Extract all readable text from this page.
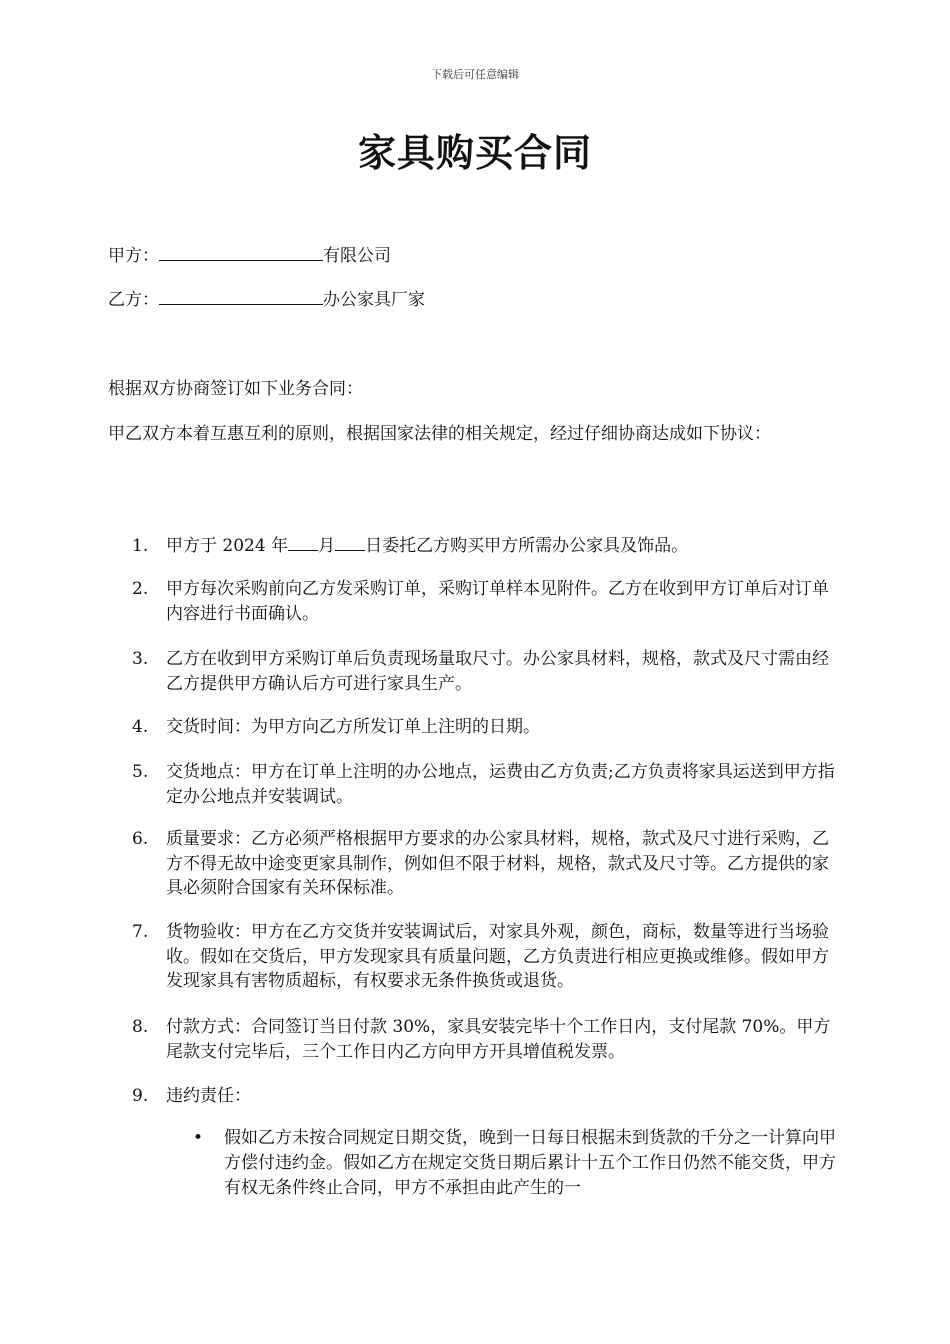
下载后可任意编辑
家具购买合同
甲方：	有限公司
乙方：	办公家具厂家
根据双方协商签订如下业务合同：
甲乙双方本着互惠互利的原则，根据国家法律的相关规定，经过仔细协商达成如下协议：
1.	甲方于 2024 年 月 日委托乙方购买甲方所需办公家具及饰品。
2.	甲方每次采购前向乙方发采购订单，采购订单样本见附件。乙方在收到甲方订单后对订单内容进行书面确认。
3.	乙方在收到甲方采购订单后负责现场量取尺寸。办公家具材料，规格，款式及尺寸需由经乙方提供甲方确认后方可进行家具生产。
4.	交货时间：为甲方向乙方所发订单上注明的日期。
5.	交货地点：甲方在订单上注明的办公地点，运费由乙方负责;乙方负责将家具运送到甲方指定办公地点并安装调试。
6.	质量要求：乙方必须严格根据甲方要求的办公家具材料，规格，款式及尺寸进行采购，乙方不得无故中途变更家具制作，例如但不限于材料，规格，款式及尺寸等。乙方提供的家具必须附合国家有关环保标准。
7.	货物验收：甲方在乙方交货并安装调试后，对家具外观，颜色，商标，数量等进行当场验收。假如在交货后，甲方发现家具有质量问题，乙方负责进行相应更换或维修。假如甲方发现家具有害物质超标，有权要求无条件换货或退货。
8.	付款方式：合同签订当日付款 30%，家具安装完毕十个工作日内，支付尾款 70%。甲方尾款支付完毕后，三个工作日内乙方向甲方开具增值税发票。
9.	违约责任：
• 假如乙方未按合同规定日期交货，晚到一日每日根据未到货款的千分之一计算向甲方偿付违约金。假如乙方在规定交货日期后累计十五个工作日仍然不能交货，甲方有权无条件终止合同，甲方不承担由此产生的一
